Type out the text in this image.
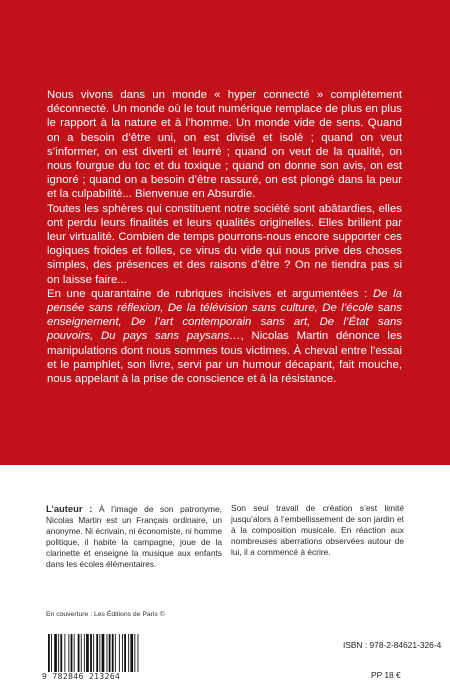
Nous vivons dans un monde « hyper connecté » complètement déconnecté. Un monde où le tout numérique remplace de plus en plus le rapport à la nature et à l’homme. Un monde vide de sens. Quand on a besoin d’être uni, on est divisé et isolé ; quand on veut s’informer, on est diverti et leurré ; quand on veut de la qualité, on nous fourgue du toc et du toxique ; quand on donne son avis, on est ignoré ; quand on a besoin d’être rassuré, on est plongé dans la peur et la culpabilité... Bienvenue en Absurdie.

Toutes les sphères qui constituent notre société sont abâtardies, elles ont perdu leurs finalités et leurs qualités originelles. Elles brillent par leur virtualité. Combien de temps pourrons-nous encore supporter ces logiques froides et folles, ce virus du vide qui nous prive des choses simples, des présences et des raisons d’être ? On ne tiendra pas si on laisse faire...

En une quarantaine de rubriques incisives et argumentées : De la pensée sans réflexion, De la télévision sans culture, De l’école sans enseignement, De l’art contemporain sans art, De l’État sans pouvoirs, Du pays sans paysans…, Nicolas Martin dénonce les manipulations dont nous sommes tous victimes. À cheval entre l’essai et le pamphlet, son livre, servi par un humour décapant, fait mouche, nous appelant à la prise de conscience et à la résistance.

L’auteur : À l’image de son patronyme, Nicolas Martin est un Français ordinaire, un anonyme. Ni écrivain, ni économiste, ni homme politique, il habite la campagne, joue de la clarinette et enseigne la musique aux enfants dans les écoles élémentaires.
Son seul travail de création s’est limité jusqu’alors à l’embellissement de son jardin et à la composition musicale. En réaction aux nombreuses aberrations observées autour de lui, il a commencé à écrire.
En couverture : Les Éditions de Paris ©
9 782846 213264
ISBN : 978-2-84621-326-4
PP 18 €
